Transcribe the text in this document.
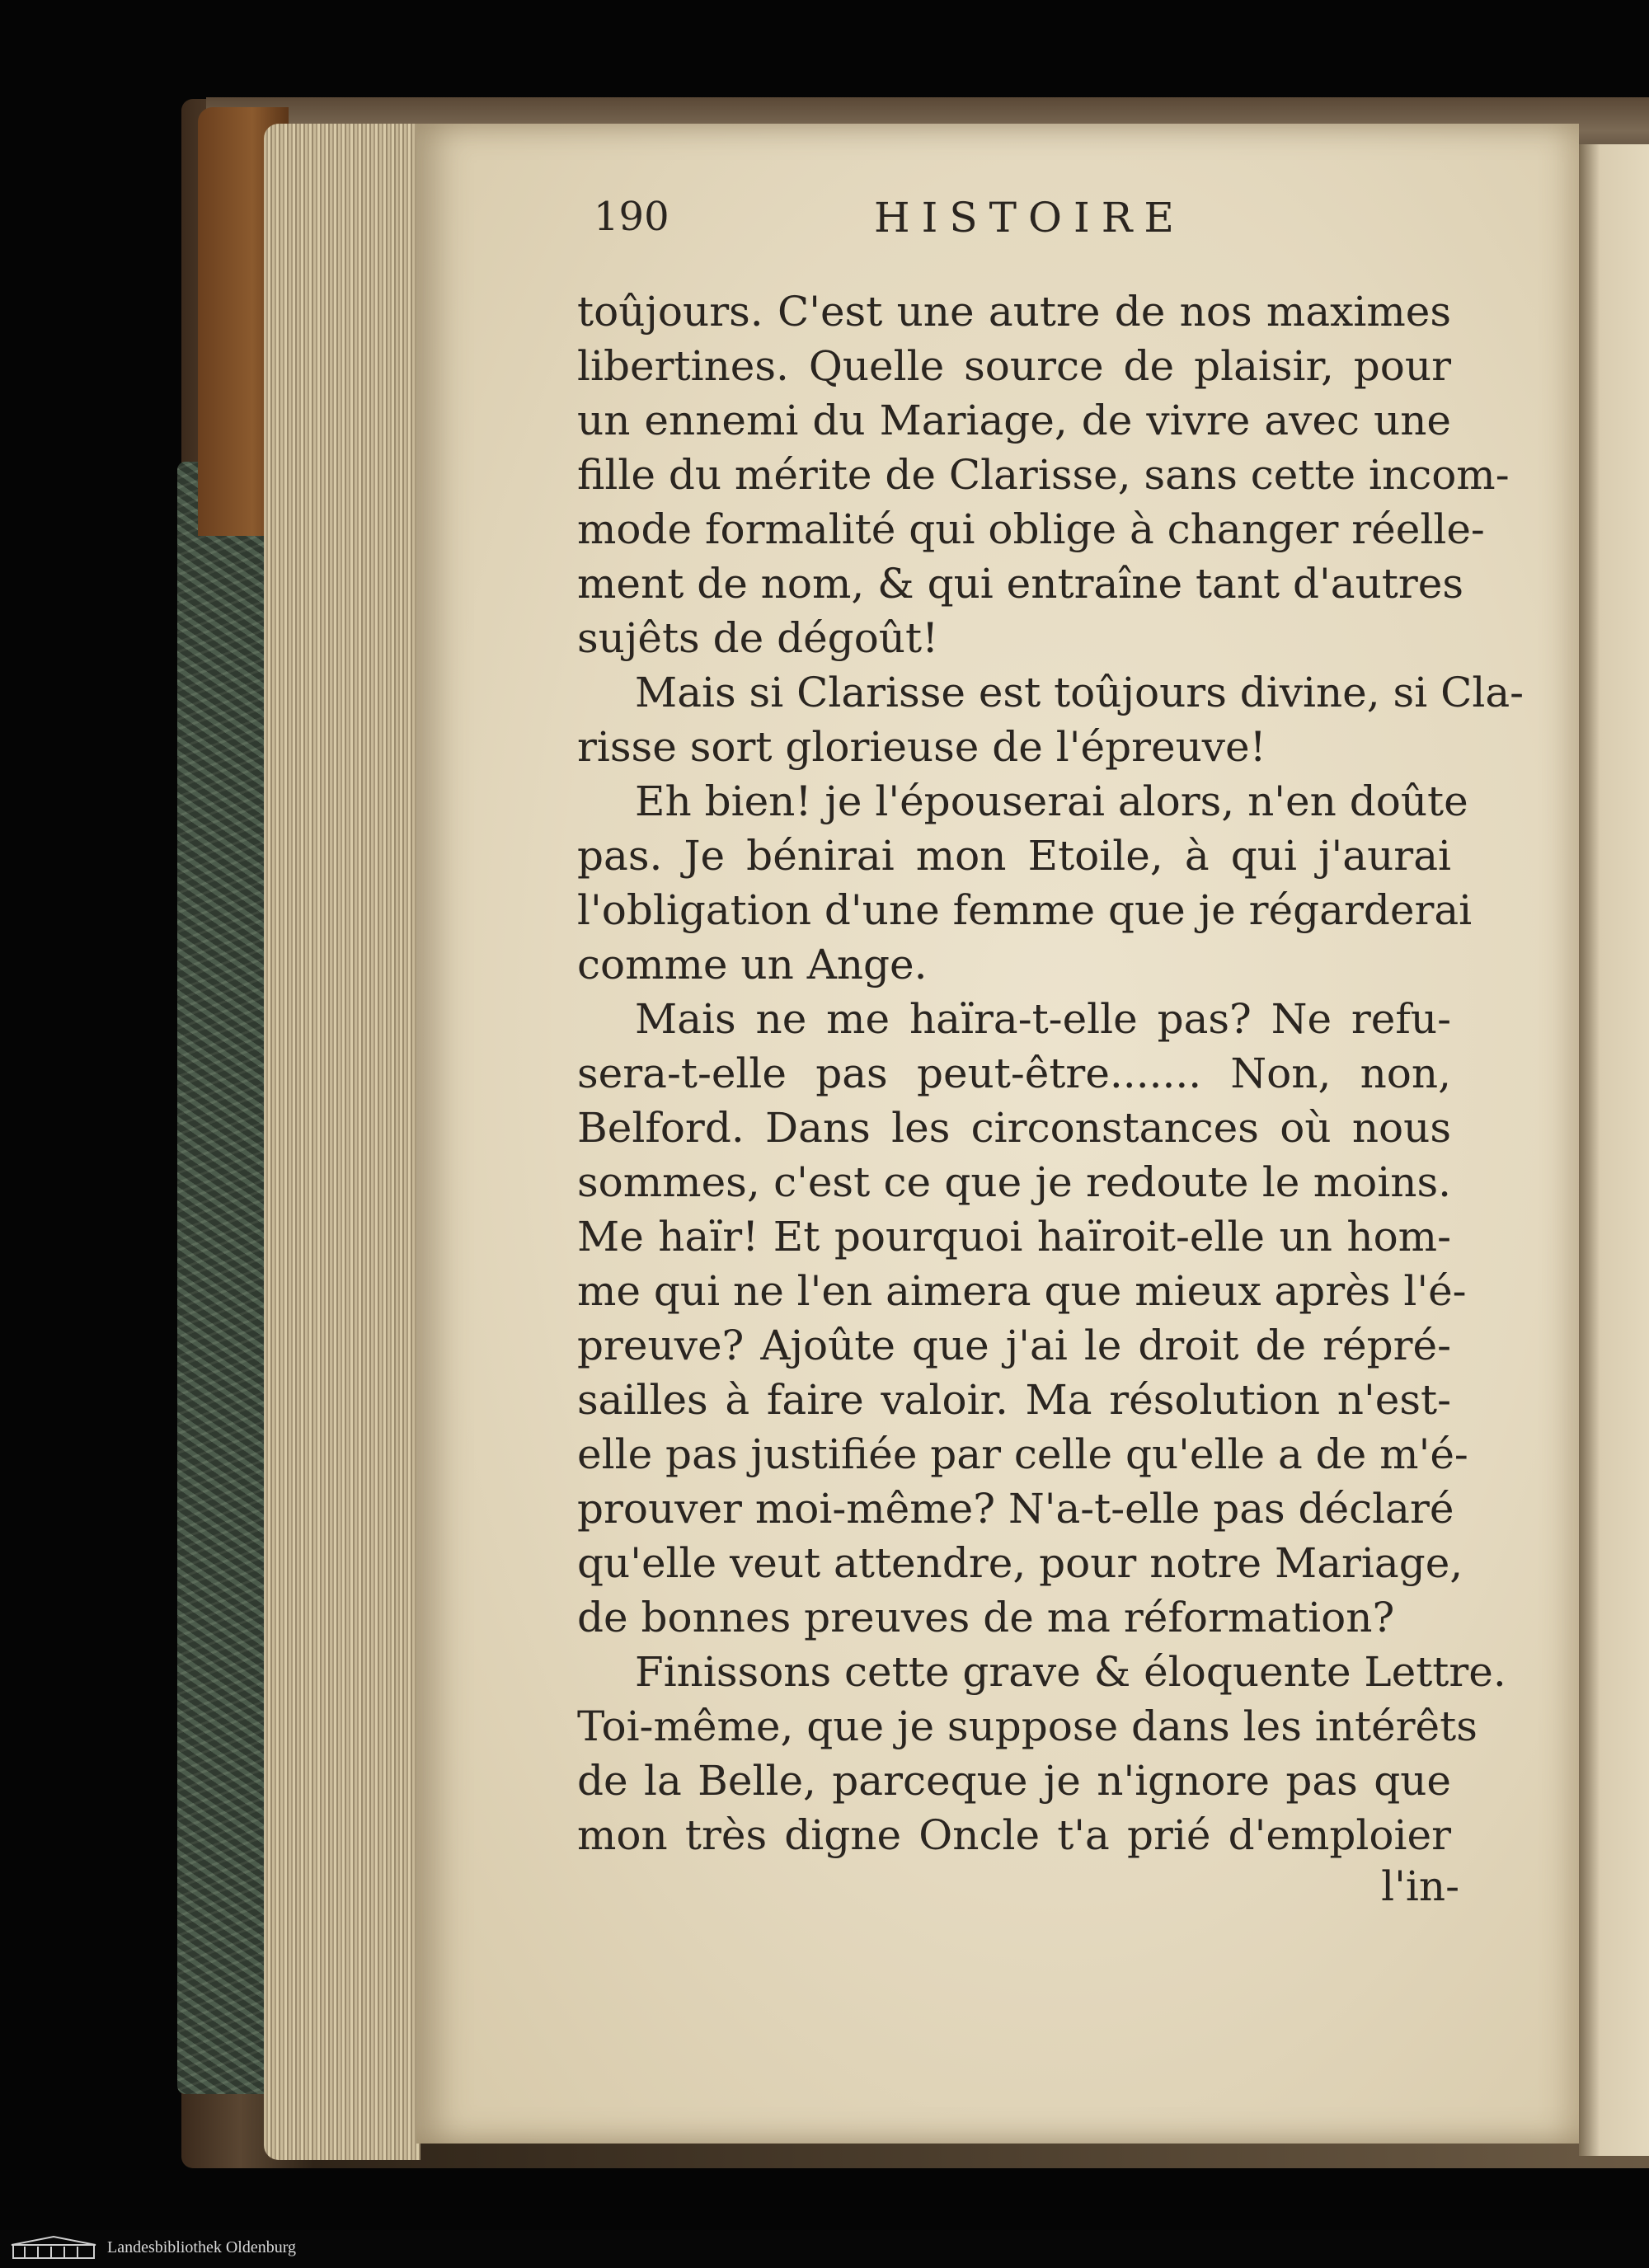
190	HISTOIRE
toûjours. C'est une autre de nos maximes
libertines. Quelle source de plaisir, pour
un ennemi du Mariage, de vivre avec une
fille du mérite de Clarisse, sans cette incom-
mode formalité qui oblige à changer réelle-
ment de nom, & qui entraîne tant d'autres
sujêts de dégoût!
Mais si Clarisse est toûjours divine, si Cla-
risse sort glorieuse de l'épreuve!
Eh bien! je l'épouserai alors, n'en doûte
pas. Je bénirai mon Etoile, à qui j'aurai
l'obligation d'une femme que je régarderai
comme un Ange.
Mais ne me haïra-t-elle pas? Ne refu-
sera-t-elle pas peut-être....... Non, non,
Belford. Dans les circonstances où nous
sommes, c'est ce que je redoute le moins.
Me haïr! Et pourquoi haïroit-elle un hom-
me qui ne l'en aimera que mieux après l'é-
preuve? Ajoûte que j'ai le droit de répré-
sailles à faire valoir. Ma résolution n'est-
elle pas justifiée par celle qu'elle a de m'é-
prouver moi-même? N'a-t-elle pas déclaré
qu'elle veut attendre, pour notre Mariage,
de bonnes preuves de ma réformation?
Finissons cette grave & éloquente Lettre.
Toi-même, que je suppose dans les intérêts
de la Belle, parceque je n'ignore pas que
mon très digne Oncle t'a prié d'emploier
l'in-
Landesbibliothek Oldenburg
